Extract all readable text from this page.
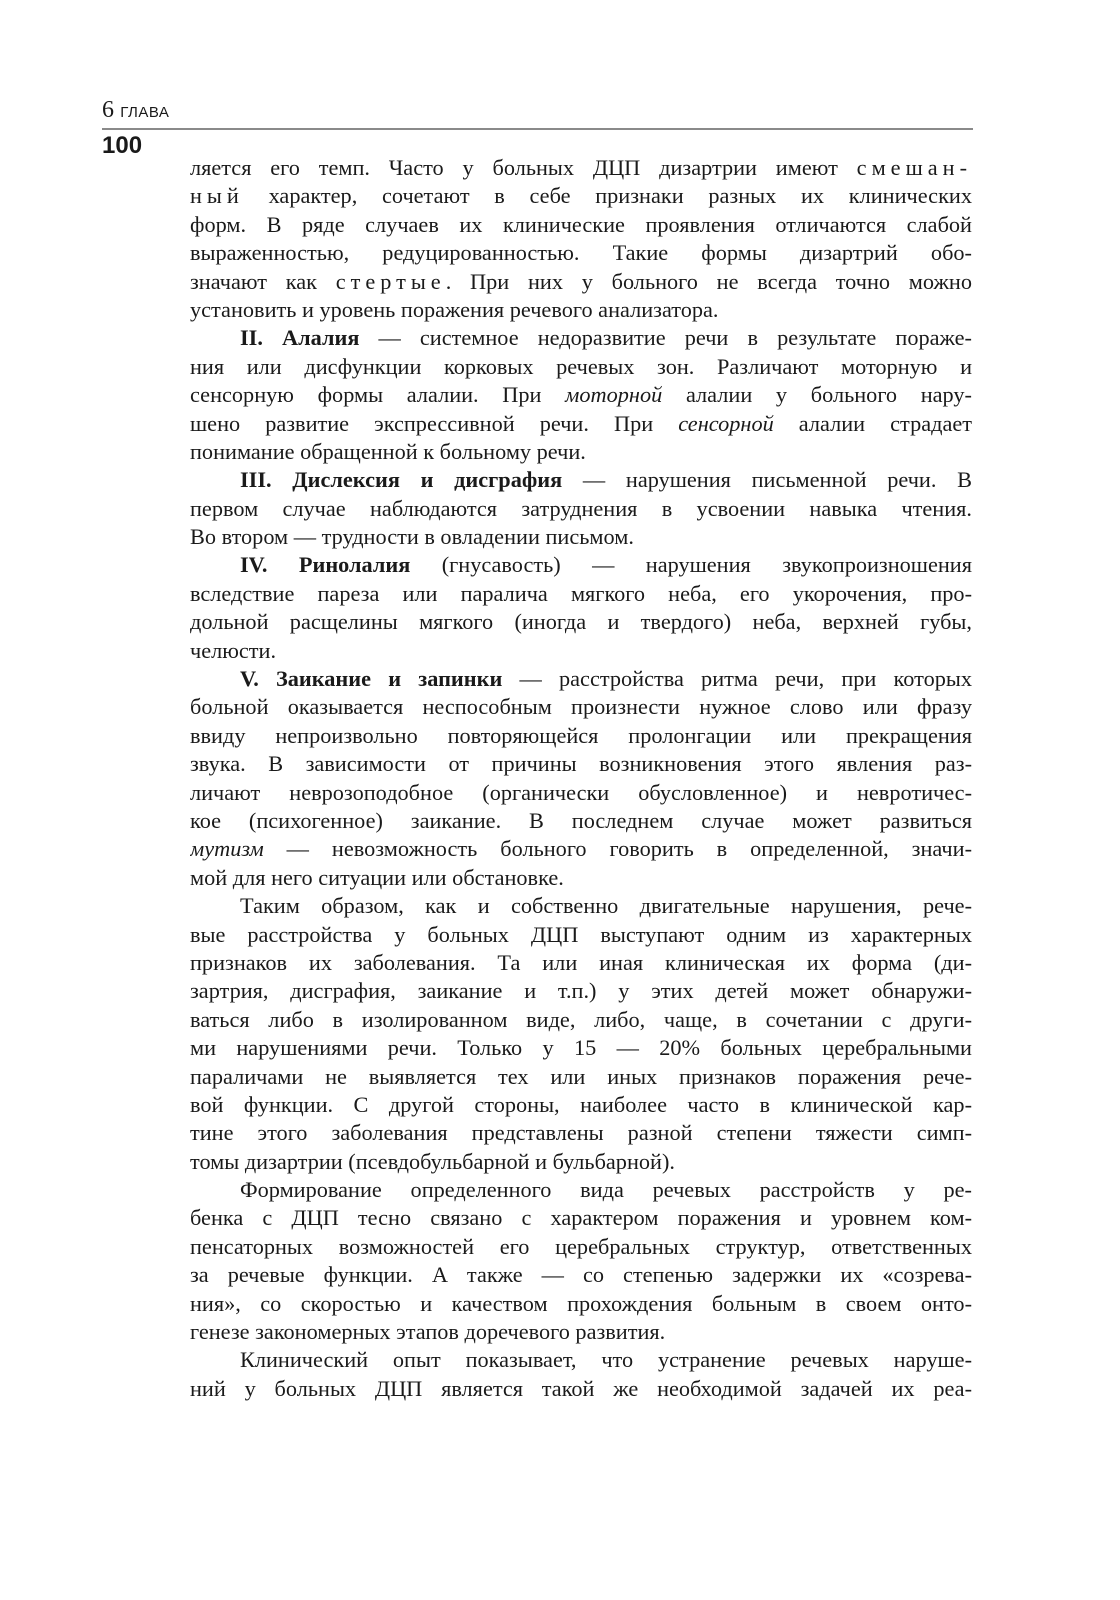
6 ГЛАВА
100
ляется его темп. Часто у больных ДЦП дизартрии имеют смешан-
ный характер, сочетают в себе признаки разных их клинических
форм. В ряде случаев их клинические проявления отличаются слабой
выраженностью, редуцированностью. Такие формы дизартрий обо-
значают как стертые. При них у больного не всегда точно можно
установить и уровень поражения речевого анализатора.
II. Алалия — системное недоразвитие речи в результате пораже-
ния или дисфункции корковых речевых зон. Различают моторную и
сенсорную формы алалии. При моторной алалии у больного нару-
шено развитие экспрессивной речи. При сенсорной алалии страдает
понимание обращенной к больному речи.
III. Дислексия и дисграфия — нарушения письменной речи. В
первом случае наблюдаются затруднения в усвоении навыка чтения.
Во втором — трудности в овладении письмом.
IV. Ринолалия (гнусавость) — нарушения звукопроизношения
вследствие пареза или паралича мягкого неба, его укорочения, про-
дольной расщелины мягкого (иногда и твердого) неба, верхней губы,
челюсти.
V. Заикание и запинки — расстройства ритма речи, при которых
больной оказывается неспособным произнести нужное слово или фразу
ввиду непроизвольно повторяющейся пролонгации или прекращения
звука. В зависимости от причины возникновения этого явления раз-
личают неврозоподобное (органически обусловленное) и невротичес-
кое (психогенное) заикание. В последнем случае может развиться
мутизм — невозможность больного говорить в определенной, значи-
мой для него ситуации или обстановке.
Таким образом, как и собственно двигательные нарушения, рече-
вые расстройства у больных ДЦП выступают одним из характерных
признаков их заболевания. Та или иная клиническая их форма (ди-
зартрия, дисграфия, заикание и т.п.) у этих детей может обнаружи-
ваться либо в изолированном виде, либо, чаще, в сочетании с други-
ми нарушениями речи. Только у 15 — 20% больных церебральными
параличами не выявляется тех или иных признаков поражения рече-
вой функции. С другой стороны, наиболее часто в клинической кар-
тине этого заболевания представлены разной степени тяжести симп-
томы дизартрии (псевдобульбарной и бульбарной).
Формирование определенного вида речевых расстройств у ре-
бенка с ДЦП тесно связано с характером поражения и уровнем ком-
пенсаторных возможностей его церебральных структур, ответственных
за речевые функции. А также — со степенью задержки их «созрева-
ния», со скоростью и качеством прохождения больным в своем онто-
генезе закономерных этапов доречевого развития.
Клинический опыт показывает, что устранение речевых наруше-
ний у больных ДЦП является такой же необходимой задачей их реа-
